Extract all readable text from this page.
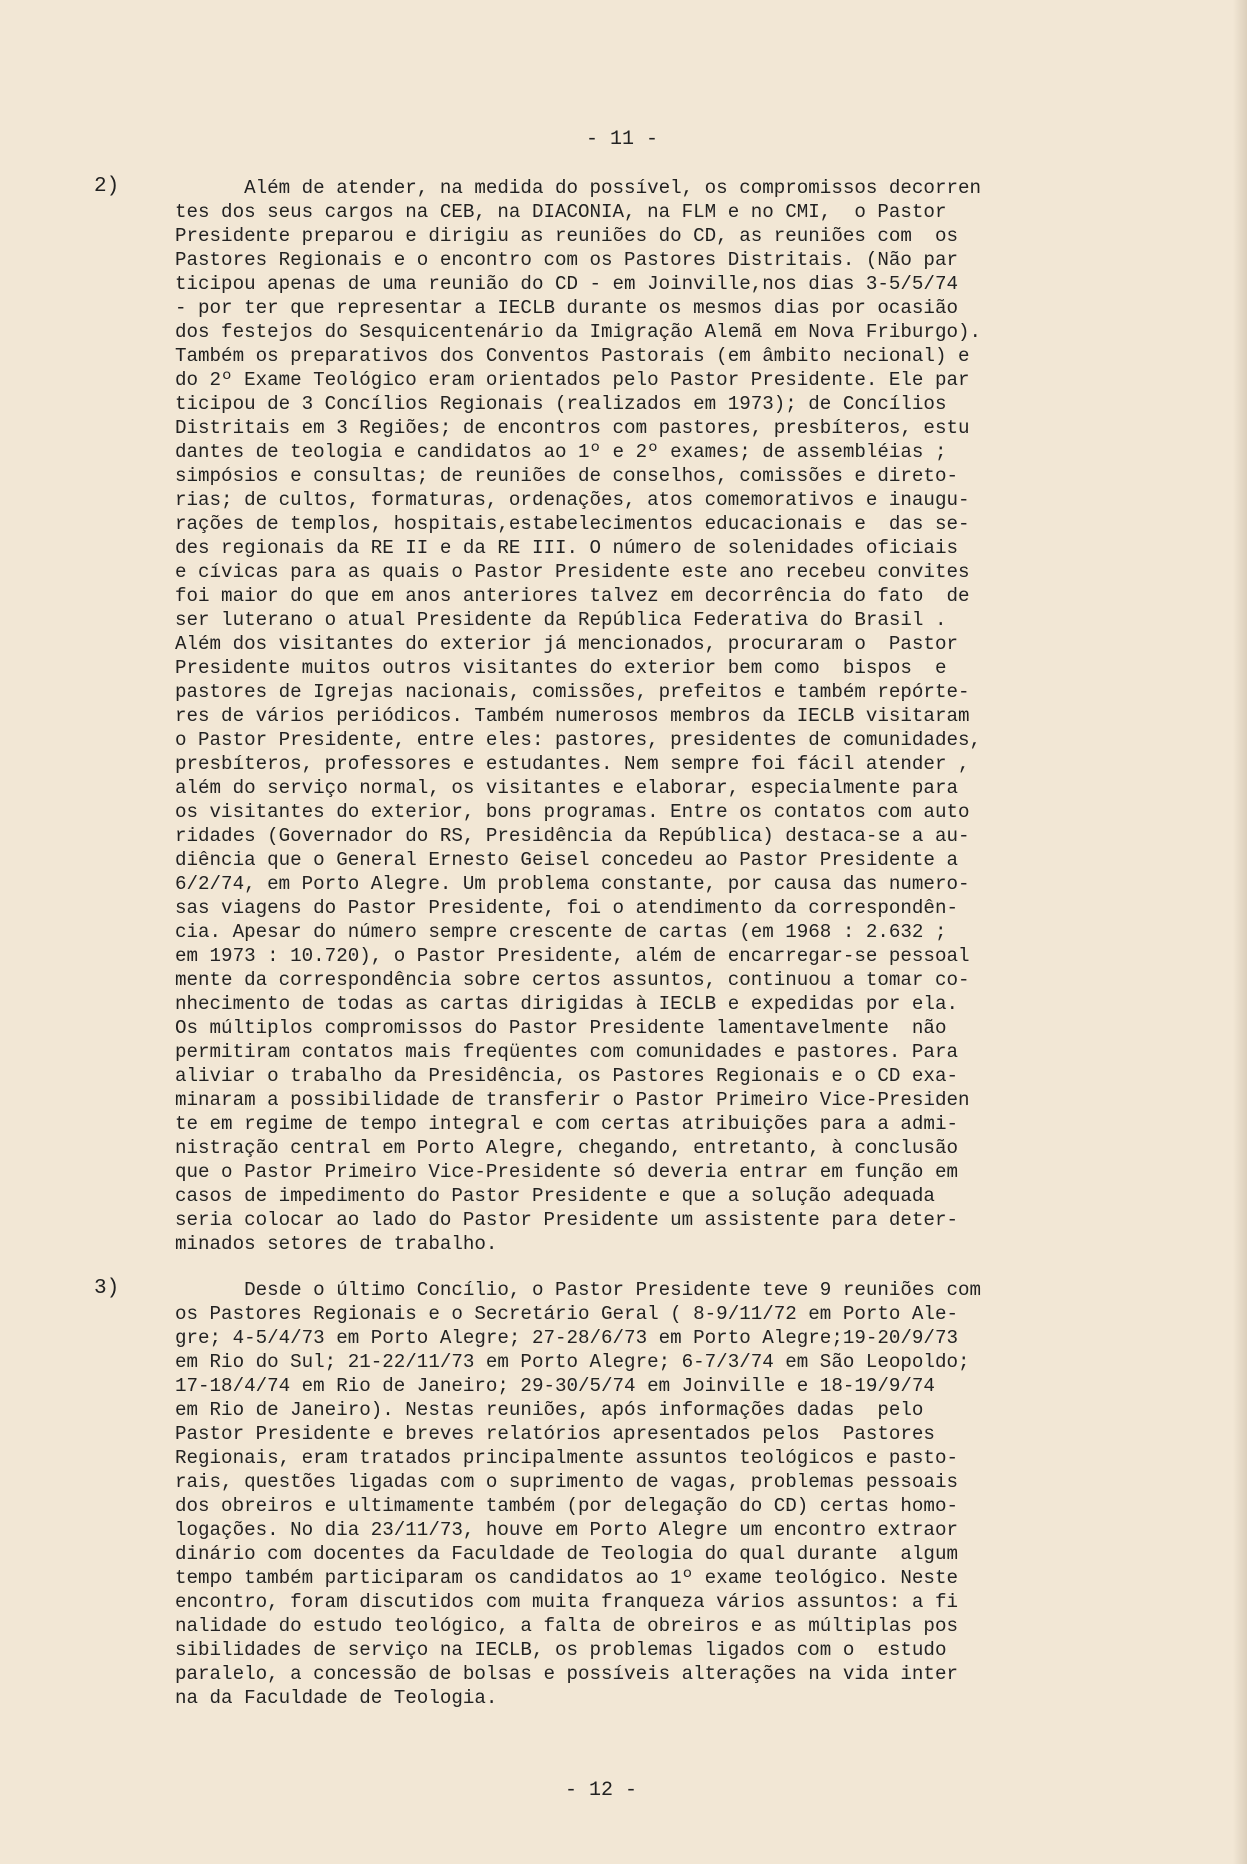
- 11 -
2)	Além de atender, na medida do possível, os compromissos decorren
tes dos seus cargos na CEB, na DIACONIA, na FLM e no CMI,  o Pastor
Presidente preparou e dirigiu as reuniões do CD, as reuniões com  os
Pastores Regionais e o encontro com os Pastores Distritais. (Não par
ticipou apenas de uma reunião do CD - em Joinville,nos dias 3-5/5/74
- por ter que representar a IECLB durante os mesmos dias por ocasião
dos festejos do Sesquicentenário da Imigração Alemã em Nova Friburgo).
Também os preparativos dos Conventos Pastorais (em âmbito necional) e
do 2º Exame Teológico eram orientados pelo Pastor Presidente. Ele par
ticipou de 3 Concílios Regionais (realizados em 1973); de Concílios
Distritais em 3 Regiões; de encontros com pastores, presbíteros, estu
dantes de teologia e candidatos ao 1º e 2º exames; de assembléias ;
simpósios e consultas; de reuniões de conselhos, comissões e direto-
rias; de cultos, formaturas, ordenações, atos comemorativos e inaugu-
rações de templos, hospitais,estabelecimentos educacionais e  das se-
des regionais da RE II e da RE III. O número de solenidades oficiais
e cívicas para as quais o Pastor Presidente este ano recebeu convites
foi maior do que em anos anteriores talvez em decorrência do fato  de
ser luterano o atual Presidente da República Federativa do Brasil .
Além dos visitantes do exterior já mencionados, procuraram o  Pastor
Presidente muitos outros visitantes do exterior bem como  bispos  e
pastores de Igrejas nacionais, comissões, prefeitos e também repórte-
res de vários periódicos. Também numerosos membros da IECLB visitaram
o Pastor Presidente, entre eles: pastores, presidentes de comunidades,
presbíteros, professores e estudantes. Nem sempre foi fácil atender ,
além do serviço normal, os visitantes e elaborar, especialmente para
os visitantes do exterior, bons programas. Entre os contatos com auto
ridades (Governador do RS, Presidência da República) destaca-se a au-
diência que o General Ernesto Geisel concedeu ao Pastor Presidente a
6/2/74, em Porto Alegre. Um problema constante, por causa das numero-
sas viagens do Pastor Presidente, foi o atendimento da correspondên-
cia. Apesar do número sempre crescente de cartas (em 1968 : 2.632 ;
em 1973 : 10.720), o Pastor Presidente, além de encarregar-se pessoal
mente da correspondência sobre certos assuntos, continuou a tomar co-
nhecimento de todas as cartas dirigidas à IECLB e expedidas por ela.
Os múltiplos compromissos do Pastor Presidente lamentavelmente  não
permitiram contatos mais freqüentes com comunidades e pastores. Para
aliviar o trabalho da Presidência, os Pastores Regionais e o CD exa-
minaram a possibilidade de transferir o Pastor Primeiro Vice-Presiden
te em regime de tempo integral e com certas atribuições para a admi-
nistração central em Porto Alegre, chegando, entretanto, à conclusão
que o Pastor Primeiro Vice-Presidente só deveria entrar em função em
casos de impedimento do Pastor Presidente e que a solução adequada
seria colocar ao lado do Pastor Presidente um assistente para deter-
minados setores de trabalho.
3)	Desde o último Concílio, o Pastor Presidente teve 9 reuniões com
os Pastores Regionais e o Secretário Geral ( 8-9/11/72 em Porto Ale-
gre; 4-5/4/73 em Porto Alegre; 27-28/6/73 em Porto Alegre;19-20/9/73
em Rio do Sul; 21-22/11/73 em Porto Alegre; 6-7/3/74 em São Leopoldo;
17-18/4/74 em Rio de Janeiro; 29-30/5/74 em Joinville e 18-19/9/74
em Rio de Janeiro). Nestas reuniões, após informações dadas  pelo
Pastor Presidente e breves relatórios apresentados pelos  Pastores
Regionais, eram tratados principalmente assuntos teológicos e pasto-
rais, questões ligadas com o suprimento de vagas, problemas pessoais
dos obreiros e ultimamente também (por delegação do CD) certas homo-
logações. No dia 23/11/73, houve em Porto Alegre um encontro extraor
dinário com docentes da Faculdade de Teologia do qual durante  algum
tempo também participaram os candidatos ao 1º exame teológico. Neste
encontro, foram discutidos com muita franqueza vários assuntos: a fi
nalidade do estudo teológico, a falta de obreiros e as múltiplas pos
sibilidades de serviço na IECLB, os problemas ligados com o  estudo
paralelo, a concessão de bolsas e possíveis alterações na vida inter
na da Faculdade de Teologia.
- 12 -
